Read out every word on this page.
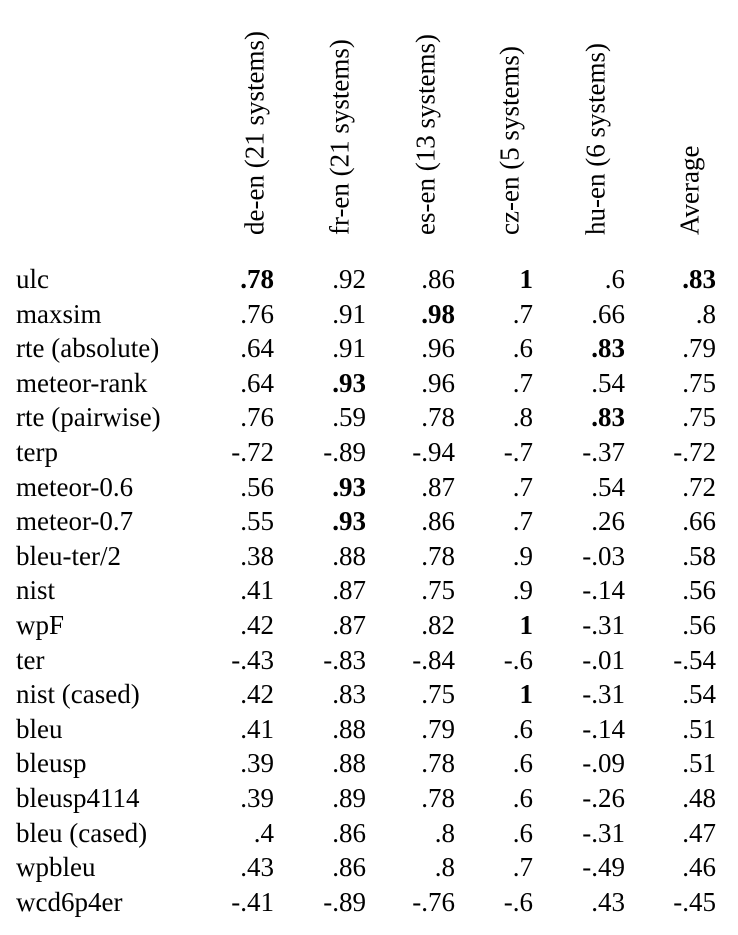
de-en (21 systems) fr-en (21 systems) es-en (13 systems) cz-en (5 systems) hu-en (6 systems) Average
ulc	.78 .92 .86 1	.6 .83
maxsim	.76 .91 .98 .7 .66	.8
rte (absolute)	.64 .91 .96 .6 .83 .79
meteor-rank	.64 .93 .96 .7 .54 .75
rte (pairwise)	.76 .59 .78 .8 .83 .75
terp	-.72 -.89 -.94 -.7 -.37 -.72
meteor-0.6	.56 .93 .87 .7 .54 .72
meteor-0.7	.55 .93 .86 .7 .26 .66
bleu-ter/2	.38 .88 .78 .9 -.03 .58
nist	.41 .87 .75 .9 -.14 .56
wpF	.42 .87 .82 1 -.31 .56
ter	-.43 -.83 -.84 -.6 -.01 -.54
nist (cased)	.42 .83 .75 1 -.31 .54
bleu	.41 .88 .79 .6 -.14 .51
bleusp	.39 .88 .78 .6 -.09 .51
bleusp4114	.39 .89 .78 .6 -.26 .48
bleu (cased)	.4 .86	.8 .6 -.31 .47
wpbleu	.43 .86	.8 .7 -.49 .46
wcd6p4er	-.41 -.89 -.76 -.6 .43 -.45
